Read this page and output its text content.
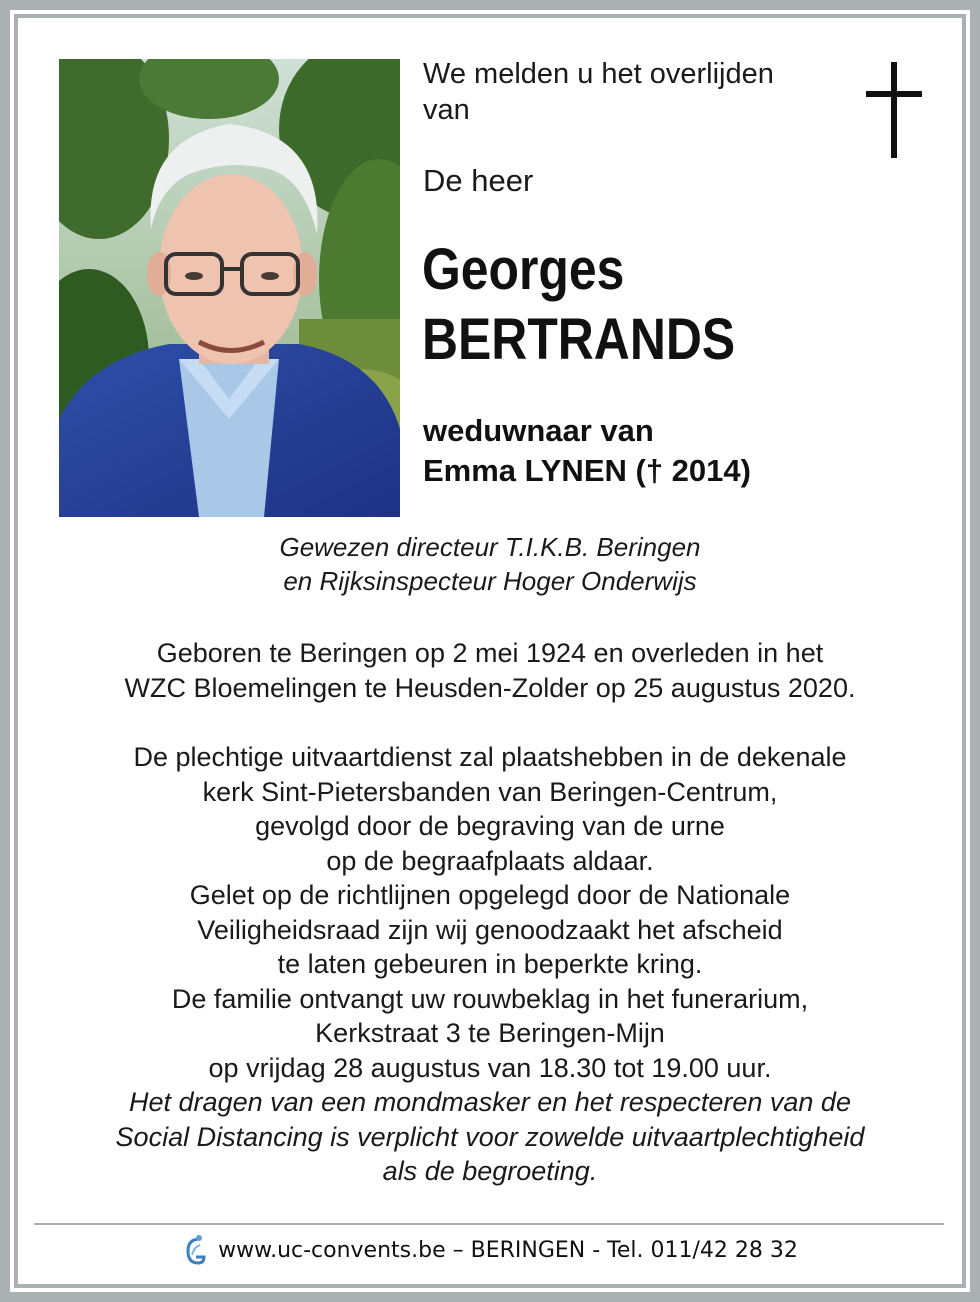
We melden u het overlijden
van
De heer
Georges
BERTRANDS
weduwnaar van
Emma LYNEN († 2014)
Gewezen directeur T.I.K.B. Beringen
en Rijksinspecteur Hoger Onderwijs
Geboren te Beringen op 2 mei 1924 en overleden in het
WZC Bloemelingen te Heusden-Zolder op 25 augustus 2020.
De plechtige uitvaartdienst zal plaatshebben in de dekenale
kerk Sint-Pietersbanden van Beringen-Centrum,
gevolgd door de begraving van de urne
op de begraafplaats aldaar.
Gelet op de richtlijnen opgelegd door de Nationale
Veiligheidsraad zijn wij genoodzaakt het afscheid
te laten gebeuren in beperkte kring.
De familie ontvangt uw rouwbeklag in het funerarium,
Kerkstraat 3 te Beringen-Mijn
op vrijdag 28 augustus van 18.30 tot 19.00 uur.
Het dragen van een mondmasker en het respecteren van de
Social Distancing is verplicht voor zowelde uitvaartplechtigheid
als de begroeting.
www.uc-convents.be – BERINGEN - Tel. 011/42 28 32
